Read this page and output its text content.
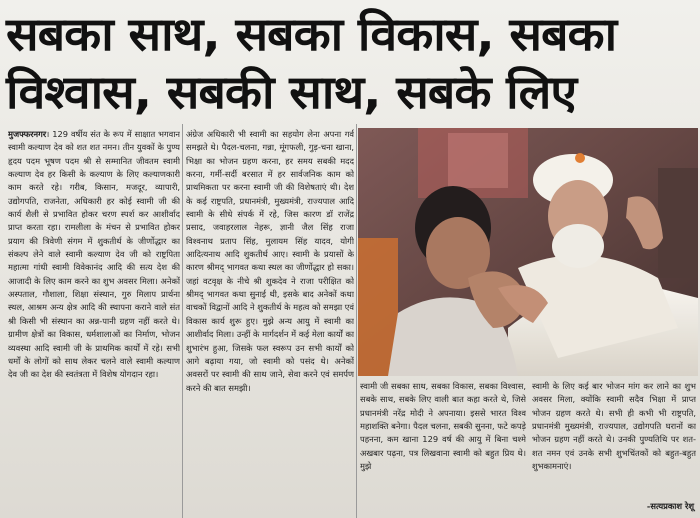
सबका साथ, सबका विकास, सबका
विश्वास, सबकी साथ, सबके लिए

मुजफ्फरनगर। 129 वर्षीय संत के रूप में साक्षात भगवान स्वामी कल्याण देव को शत शत नमन। तीन युवकों के पुण्य हृदय पदम भूषण पदम श्री से सम्मानित जीवतम स्वामी कल्याण देव हर किसी के कल्याण के लिए कल्याणकारी काम करते रहे। गरीब, किसान, मजदूर, व्यापारी, उद्योगपति, राजनेता, अधिकारी हर कोई स्वामी जी की कार्य शैली से प्रभावित होकर चरण स्पर्श कर आशीर्वाद प्राप्त करता रहा। रामलीला के मंचन से प्रभावित होकर प्रयाग की त्रिवेणी संगम में शुकतीर्थ के जीर्णोद्धार का संकल्प लेने वाले स्वामी कल्याण देव जी को राष्ट्रपिता महात्मा गांधी स्वामी विवेकानंद आदि की सत्य देश की आजादी के लिए काम करने का शुभ अवसर मिला। अनेकों अस्पताल, गौशाला, शिक्षा संस्थान, गुरु मिलाप प्रार्थना स्थल, आश्रम अन्य क्षेत्र आदि की स्थापना कराने वाले संत श्री किसी भी संस्थान का अन्न-पानी ग्रहण नहीं करते थे। ग्रामीण क्षेत्रों का विकास, धर्मशालाओं का निर्माण, भोजन व्यवस्था आदि स्वामी जी के प्राथमिक कार्यों में रहे। सभी धर्मों के लोगों को साथ लेकर चलने वाले स्वामी कल्याण देव जी का देश की स्वतंत्रता में विशेष योगदान रहा।

अंग्रेज अधिकारी भी स्वामी का सहयोग लेना अपना गर्व समझते थे। पैदल-चलना, गन्ना, मूंगफली, गुड़-चना खाना, भिक्षा का भोजन ग्रहण करना, हर समय सबकी मदद करना, गर्मी-सर्दी बरसात में हर सार्वजनिक काम को प्राथमिकता पर करना स्वामी जी की विशेषताएं थी। देश के कई राष्ट्रपति, प्रधानमंत्री, मुख्यमंत्री, राज्यपाल आदि स्वामी के सीधे संपर्क में रहे, जिस कारण डॉ राजेंद्र प्रसाद, जवाहरलाल नेहरू, ज्ञानी जैल सिंह राजा विश्वनाथ प्रताप सिंह, मुलायम सिंह यादव, योगी आदित्यनाथ आदि शुकतीर्थ आए। स्वामी के प्रयासों के कारण श्रीमद् भागवत कथा स्थल का जीर्णोद्धार हो सका। जहां वटवृक्ष के नीचे श्री शुकदेव ने राजा परीक्षित को श्रीमद् भागवत कथा सुनाई थी, इसके बाद अनेकों कथा वाचकों विद्वानों आदि ने शुकतीर्थ के महत्व को समझा एवं विकास कार्य शुरू हुए। मुझे अन्य आयु में स्वामी का आशीर्वाद मिला। उन्हीं के मार्गदर्शन में कई मेला कार्यों का शुभारंभ हुआ, जिसके फल स्वरूप उन सभी कार्यों को आगे बढ़ाया गया, जो स्वामी को पसंद थे। अनेकों अवसरों पर स्वामी की साथ जाने, सेवा करने एवं समर्पण करने की बात समझी।	स्वामी जी सबका साथ, सबका विकास, सबका विश्वास, सबके साथ, सबके लिए वाली बात कहा करते थे, जिसे प्रधानमंत्री नरेंद्र मोदी ने अपनाया। इससे भारत विश्व महाशक्ति बनेगा। पैदल चलना, सबकी सुनना, फटे कपड़े पहनना, कम खाना 129 वर्ष की आयु में बिना चश्मे अखबार पढ़ना, पत्र लिखवाना स्वामी को बहुत प्रिय थे। मुझे

स्वामी के लिए कई बार भोजन मांग कर लाने का शुभ अवसर मिला, क्योंकि स्वामी सदैव भिक्षा में प्राप्त भोजन ग्रहण करते थे। सभी ही कभी भी राष्ट्रपति, प्रधानमंत्री मुख्यमंत्री, राज्यपाल, उद्योगपति घरानों का भोजन ग्रहण नहीं करते थे। उनकी पुण्यतिथि पर शत-शत नमन एवं उनके सभी शुभचिंतकों को बहुत-बहुत शुभकामनाएं।

-सत्यप्रकाश रेशू
